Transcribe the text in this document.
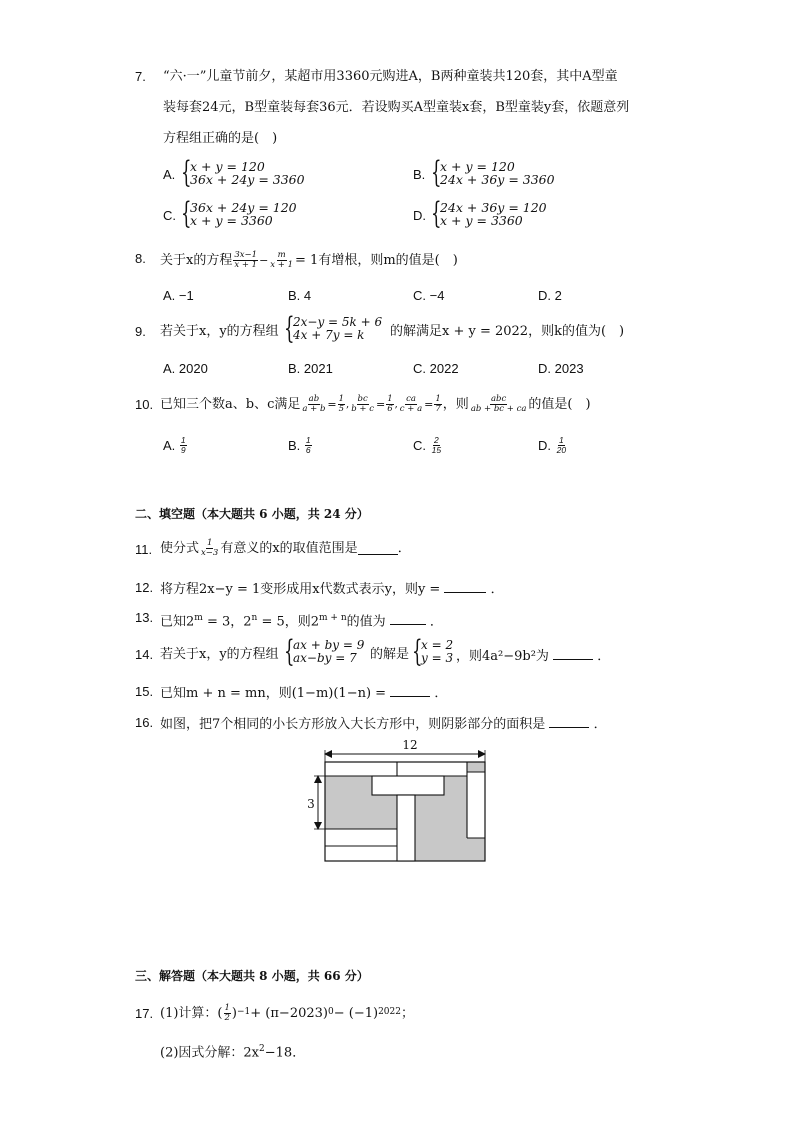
7. “六·一”儿童节前夕，某超市用3360元购进A，B两种童装共120套，其中A型童
装每套24元，B型童装每套36元．若设购买A型童装x套，B型童装y套，依题意列
方程组正确的是(　)
A. {
x + y = 120
36x + 24y = 3360	B. {
x + y = 120
24x + 36y = 3360
C. {
36x + 24y = 120
x + y = 3360	D. {
24x + 36y = 120
x + y = 3360
8. 关于x的方程 $\frac{3x-1}{x + 1} - \frac{m}{x + 1} = 1$有增根，则m的值是(　)
A. −1	B. 4	C. −4	D. 2
9. 若关于x，y的方程组 {
2x−y = 5k + 6
4x + 7y = k	的解满足x + y = 2022，则k的值为(　)
A. 2020	B. 2021	C. 2022	D. 2023
10. 已知三个数a、b、c满足 $\frac{ab}{a + b} = \frac{1}{5}$ , $\frac{bc}{b + c} = \frac{1}{6}$ , $\frac{ca}{c + a} = \frac{1}{7}$ ，则 $\frac{\text{abc}}{ab + bc + ca}$ 的值是(　)
A.
$\frac{1}{9}$	B.
$\frac{1}{6}$	C.
$\frac{2}{15}$	D.
$\frac{1}{20}$
二、填空题（本大题共 6 小题，共 24 分）
11. 使分式 $\frac{1}{x-3}$ 有意义的x的取值范围是	．
12. 将方程2x−y = 1变形成用x代数式表示y，则y =	．
13. 已知$2^m = 3$，$2^n = 5$，则$2^{m + n}$的值为	．
14. 若关于x，y的方程组 {
ax + by = 9
ax−by = 7	的解是 {
x = 2
y = 3 ，则4a²−9b²为	．
15. 已知m + n = mn，则(1−m)(1−n) =	．
16. 如图，把7个相同的小长方形放入大长方形中，则阴影部分的面积是	．
12
3
三、解答题（本大题共 8 小题，共 66 分）
17. (1)计算：( $\frac{1}{2}$ ) −1 + (π−2023) 0 − (−1) 2022 ；
(2)因式分解：$2x^2-18$．
